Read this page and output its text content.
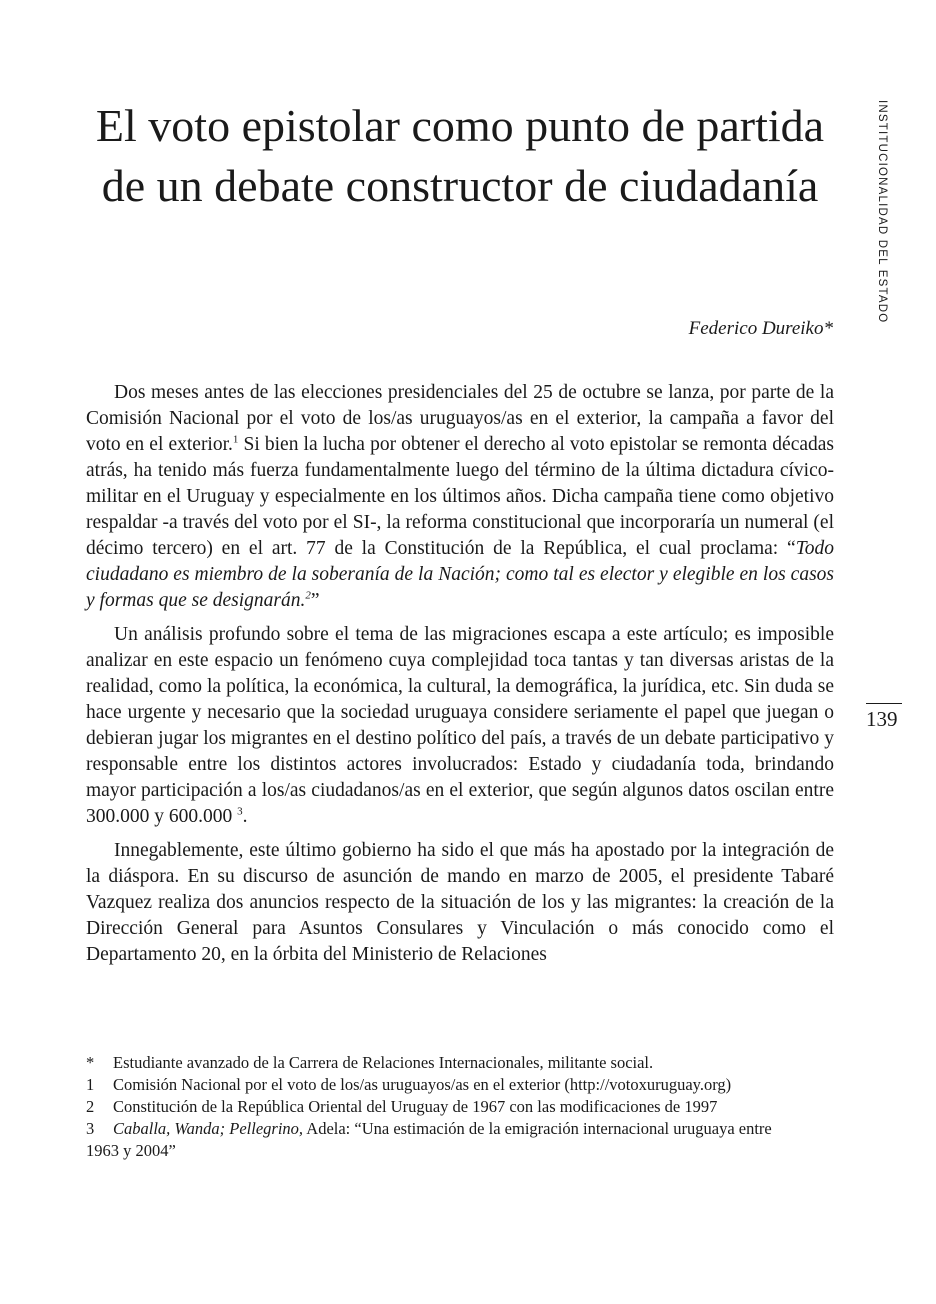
El voto epistolar como punto de partida
de un debate constructor de ciudadanía	INSTITUCIONALIDAD DEL ESTADO
Federico Dureiko*

Dos meses antes de las elecciones presidenciales del 25 de octubre se lanza, por parte de la Comisión Nacional por el voto de los/as uruguayos/as en el exterior, la campaña a favor del voto en el exterior.$^1$ Si bien la lucha por obtener el derecho al voto epistolar se remonta décadas atrás, ha tenido más fuerza fundamentalmente luego del término de la última dictadura cívico-militar en el Uruguay y especialmente en los últimos años. Dicha campaña tiene como objetivo respaldar -a través del voto por el SI-, la reforma constitucional que incorporaría un numeral (el décimo tercero) en el art. 77 de la Constitución de la República, el cual proclama: “Todo ciudadano es miembro de la soberanía de la Nación; como tal es elector y elegible en los casos y formas que se designarán.$^2$”

Un análisis profundo sobre el tema de las migraciones escapa a este artículo; es imposible analizar en este espacio un fenómeno cuya complejidad toca tantas y tan diversas aristas de la realidad, como la política, la económica, la cultural, la demográfica, la jurídica, etc. Sin duda se hace urgente y necesario que la sociedad uruguaya considere seriamente el papel que juegan o debieran jugar los migrantes en el destino político del país, a través de un debate participativo y responsable entre los distintos actores involucrados: Estado y ciudadanía toda, brindando mayor participación a los/as ciudadanos/as en el exterior, que según algunos datos oscilan entre 300.000 y 600.000 $^3$.

Innegablemente, este último gobierno ha sido el que más ha apostado por la integración de la diáspora. En su discurso de asunción de mando en marzo de 2005, el presidente Tabaré Vazquez realiza dos anuncios respecto de la situación de los y las migrantes: la creación de la Dirección General para Asuntos Consulares y Vinculación o más conocido como el Departamento 20, en la órbita del Ministerio de Relaciones

139
*	Estudiante avanzado de la Carrera de Relaciones Internacionales, militante social.
1	Comisión Nacional por el voto de los/as uruguayos/as en el exterior (http://votoxuruguay.org)
2	Constitución de la República Oriental del Uruguay de 1967 con las modificaciones de 1997
3	Caballa, Wanda; Pellegrino, Adela: “Una estimación de la emigración internacional uruguaya entre
1963 y 2004”
